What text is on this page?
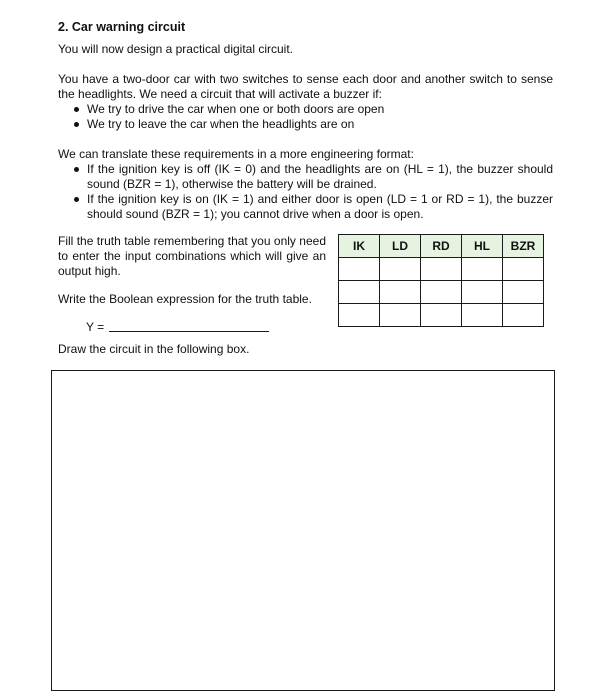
2. Car warning circuit
You will now design a practical digital circuit.
You have a two-door car with two switches to sense each door and another switch to sense the headlights. We need a circuit that will activate a buzzer if:
We try to drive the car when one or both doors are open
We try to leave the car when the headlights are on
We can translate these requirements in a more engineering format:
If the ignition key is off (IK = 0) and the headlights are on (HL = 1), the buzzer should sound (BZR = 1), otherwise the battery will be drained.
If the ignition key is on (IK = 1) and either door is open (LD = 1 or RD = 1), the buzzer should sound (BZR = 1); you cannot drive when a door is open.
Fill the truth table remembering that you only need to enter the input combinations which will give an output high.
Write the Boolean expression for the truth table.
Y =
Draw the circuit in the following box.
IK	LD	RD	HL	BZR
